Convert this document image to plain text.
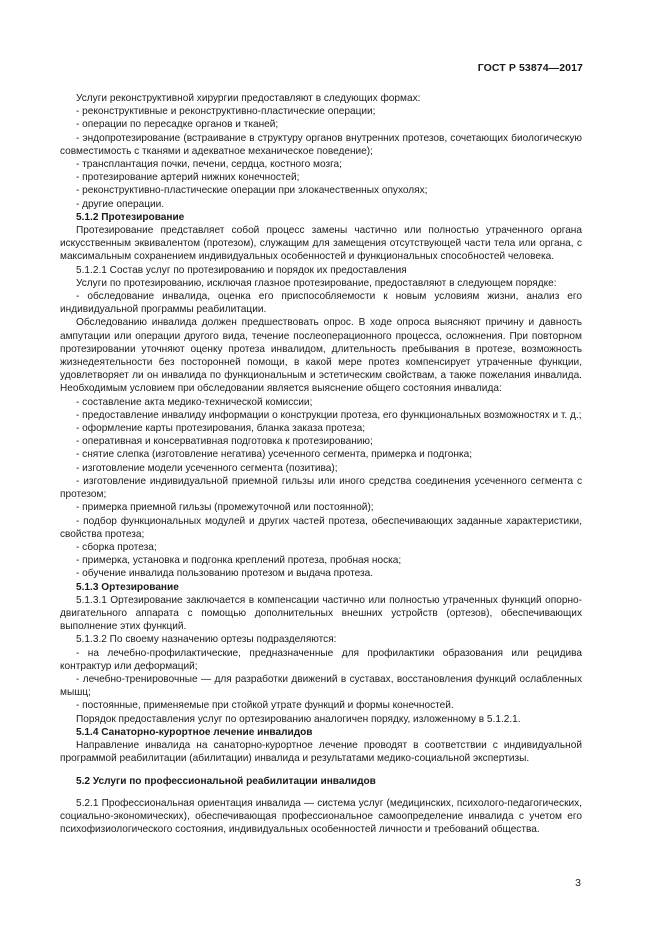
ГОСТ Р 53874—2017

Услуги реконструктивной хирургии предоставляют в следующих формах:

- реконструктивные и реконструктивно-пластические операции;

- операции по пересадке органов и тканей;

- эндопротезирование (встраивание в структуру органов внутренних протезов, сочетающих биологическую совместимость с тканями и адекватное механическое поведение);

- трансплантация почки, печени, сердца, костного мозга;

- протезирование артерий нижних конечностей;

- реконструктивно-пластические операции при злокачественных опухолях;

- другие операции.

5.1.2 Протезирование

Протезирование представляет собой процесс замены частично или полностью утраченного органа искусственным эквивалентом (протезом), служащим для замещения отсутствующей части тела или органа, с максимальным сохранением индивидуальных особенностей и функциональных способностей человека.

5.1.2.1 Состав услуг по протезированию и порядок их предоставления

Услуги по протезированию, исключая глазное протезирование, предоставляют в следующем порядке:

- обследование инвалида, оценка его приспособляемости к новым условиям жизни, анализ его индивидуальной программы реабилитации.

Обследованию инвалида должен предшествовать опрос. В ходе опроса выясняют причину и давность ампутации или операции другого вида, течение послеоперационного процесса, осложнения. При повторном протезировании уточняют оценку протеза инвалидом, длительность пребывания в протезе, возможность жизнедеятельности без посторонней помощи, в какой мере протез компенсирует утраченные функции, удовлетворяет ли он инвалида по функциональным и эстетическим свойствам, а также пожелания инвалида. Необходимым условием при обследовании является выяснение общего состояния инвалида:

- составление акта медико-технической комиссии;

- предоставление инвалиду информации о конструкции протеза, его функциональных возможностях и т. д.;

- оформление карты протезирования, бланка заказа протеза;

- оперативная и консервативная подготовка к протезированию;

- снятие слепка (изготовление негатива) усеченного сегмента, примерка и подгонка;

- изготовление модели усеченного сегмента (позитива);

- изготовление индивидуальной приемной гильзы или иного средства соединения усеченного сегмента с протезом;

- примерка приемной гильзы (промежуточной или постоянной);

- подбор функциональных модулей и других частей протеза, обеспечивающих заданные характеристики, свойства протеза;

- сборка протеза;

- примерка, установка и подгонка креплений протеза, пробная носка;

- обучение инвалида пользованию протезом и выдача протеза.

5.1.3 Ортезирование

5.1.3.1 Ортезирование заключается в компенсации частично или полностью утраченных функций опорно-двигательного аппарата с помощью дополнительных внешних устройств (ортезов), обеспечивающих выполнение этих функций.

5.1.3.2 По своему назначению ортезы подразделяются:

- на лечебно-профилактические, предназначенные для профилактики образования или рецидива контрактур или деформаций;

- лечебно-тренировочные — для разработки движений в суставах, восстановления функций ослабленных мышц;

- постоянные, применяемые при стойкой утрате функций и формы конечностей.

Порядок предоставления услуг по ортезированию аналогичен порядку, изложенному в 5.1.2.1.

5.1.4 Санаторно-курортное лечение инвалидов

Направление инвалида на санаторно-курортное лечение проводят в соответствии с индивидуальной программой реабилитации (абилитации) инвалида и результатами медико-социальной экспертизы.

5.2 Услуги по профессиональной реабилитации инвалидов

5.2.1 Профессиональная ориентация инвалида — система услуг (медицинских, психолого-педагогических, социально-экономических), обеспечивающая профессиональное самоопределение инвалида с учетом его психофизиологического состояния, индивидуальных особенностей личности и требований общества.

3
